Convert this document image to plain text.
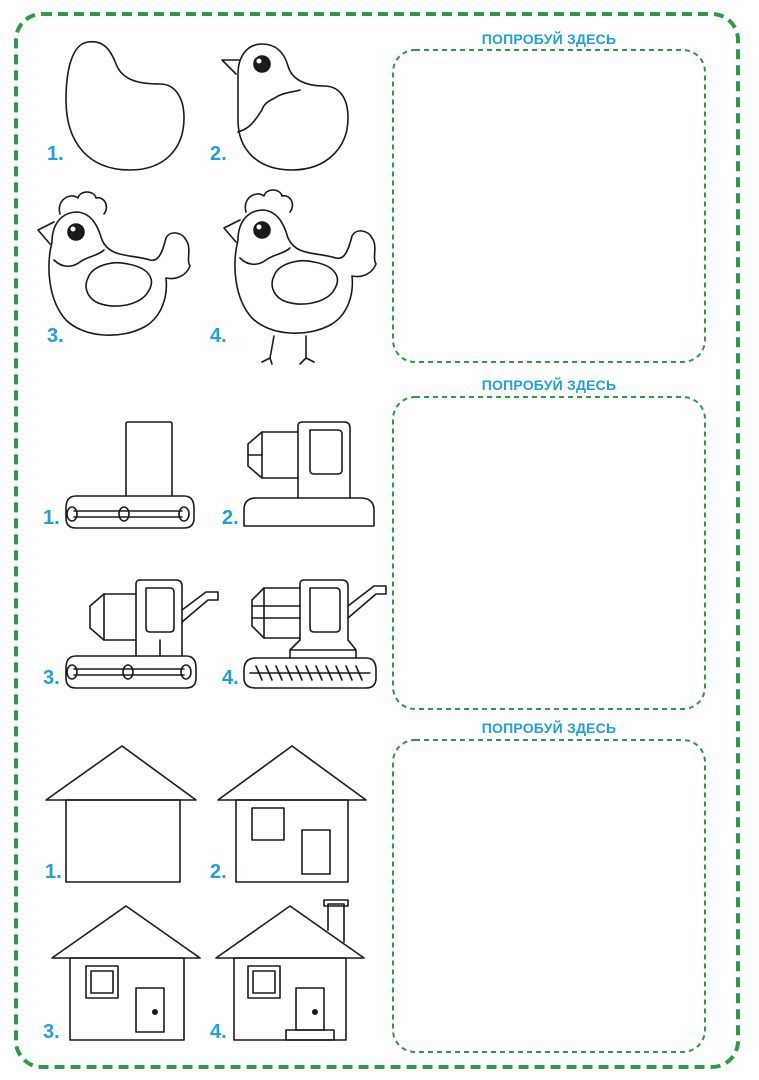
ПОПРОБУЙ ЗДЕСЬ
ПОПРОБУЙ ЗДЕСЬ
ПОПРОБУЙ ЗДЕСЬ
1.	2.
3.	4.
1.	2.
3.	4.
1.	2.
3.	4.
